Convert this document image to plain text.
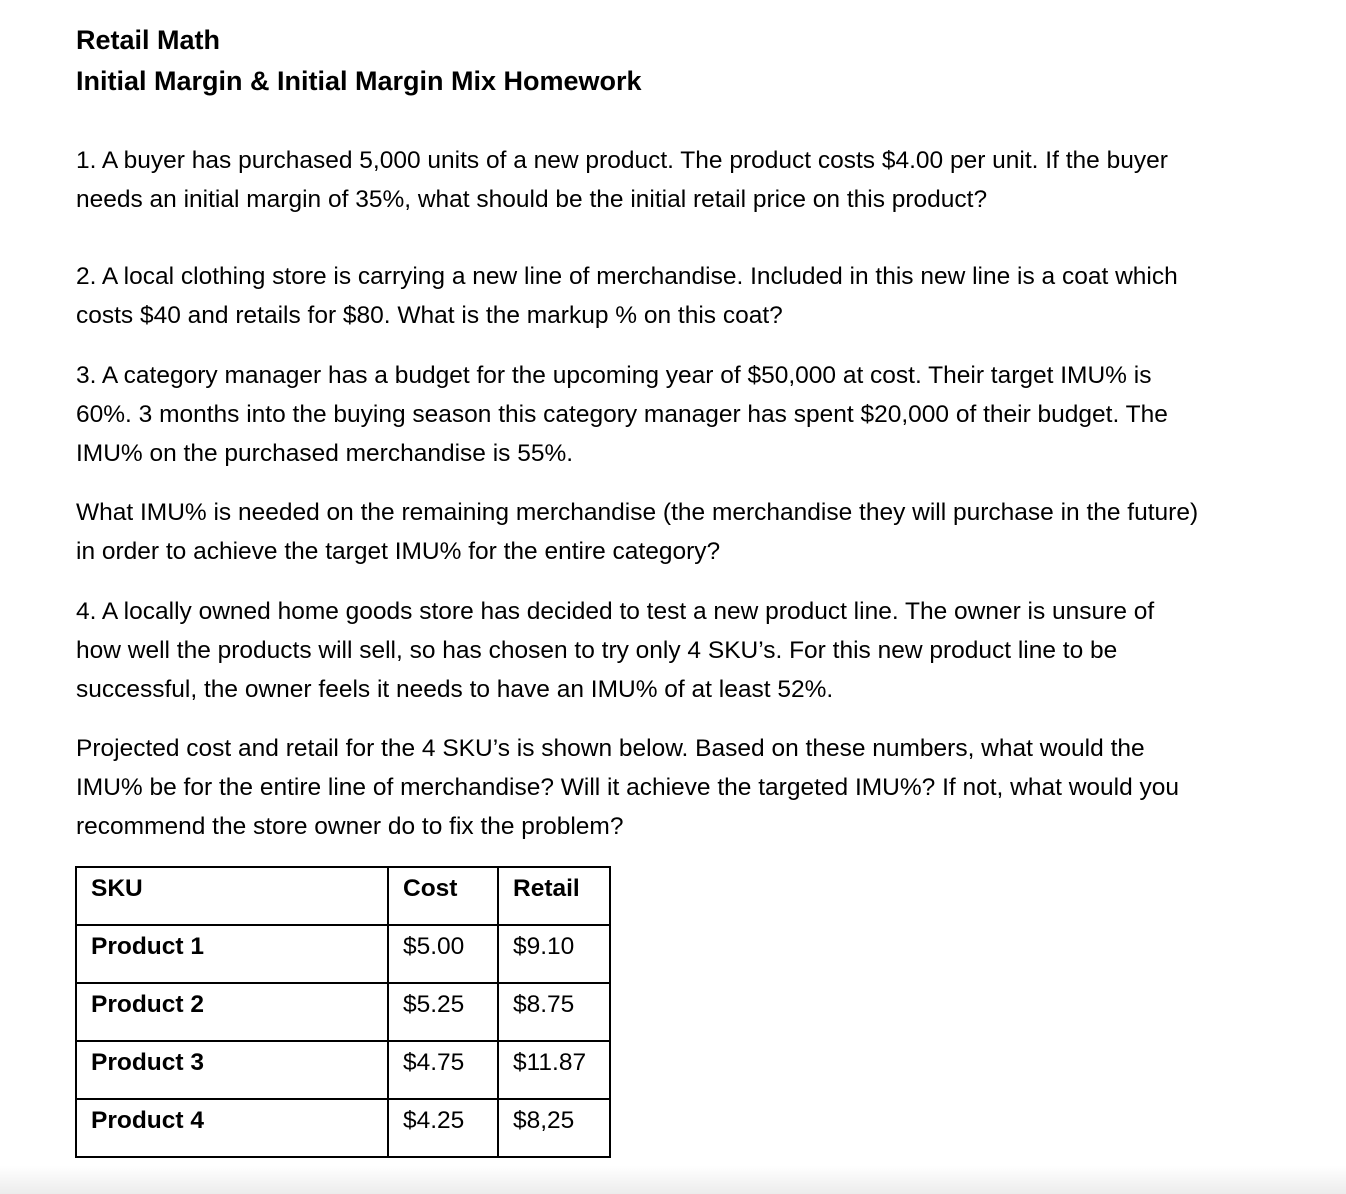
Retail Math
Initial Margin & Initial Margin Mix Homework
1. A buyer has purchased 5,000 units of a new product. The product costs $4.00 per unit. If the buyer
needs an initial margin of 35%, what should be the initial retail price on this product?
2. A local clothing store is carrying a new line of merchandise. Included in this new line is a coat which
costs $40 and retails for $80. What is the markup % on this coat?
3. A category manager has a budget for the upcoming year of $50,000 at cost. Their target IMU% is
60%. 3 months into the buying season this category manager has spent $20,000 of their budget. The
IMU% on the purchased merchandise is 55%.
What IMU% is needed on the remaining merchandise (the merchandise they will purchase in the future)
in order to achieve the target IMU% for the entire category?
4. A locally owned home goods store has decided to test a new product line. The owner is unsure of
how well the products will sell, so has chosen to try only 4 SKU’s. For this new product line to be
successful, the owner feels it needs to have an IMU% of at least 52%.
Projected cost and retail for the 4 SKU’s is shown below. Based on these numbers, what would the
IMU% be for the entire line of merchandise? Will it achieve the targeted IMU%? If not, what would you
recommend the store owner do to fix the problem?
SKU	Cost	Retail
Product 1	$5.00	$9.10
Product 2	$5.25	$8.75
Product 3	$4.75	$11.87
Product 4	$4.25	$8,25
